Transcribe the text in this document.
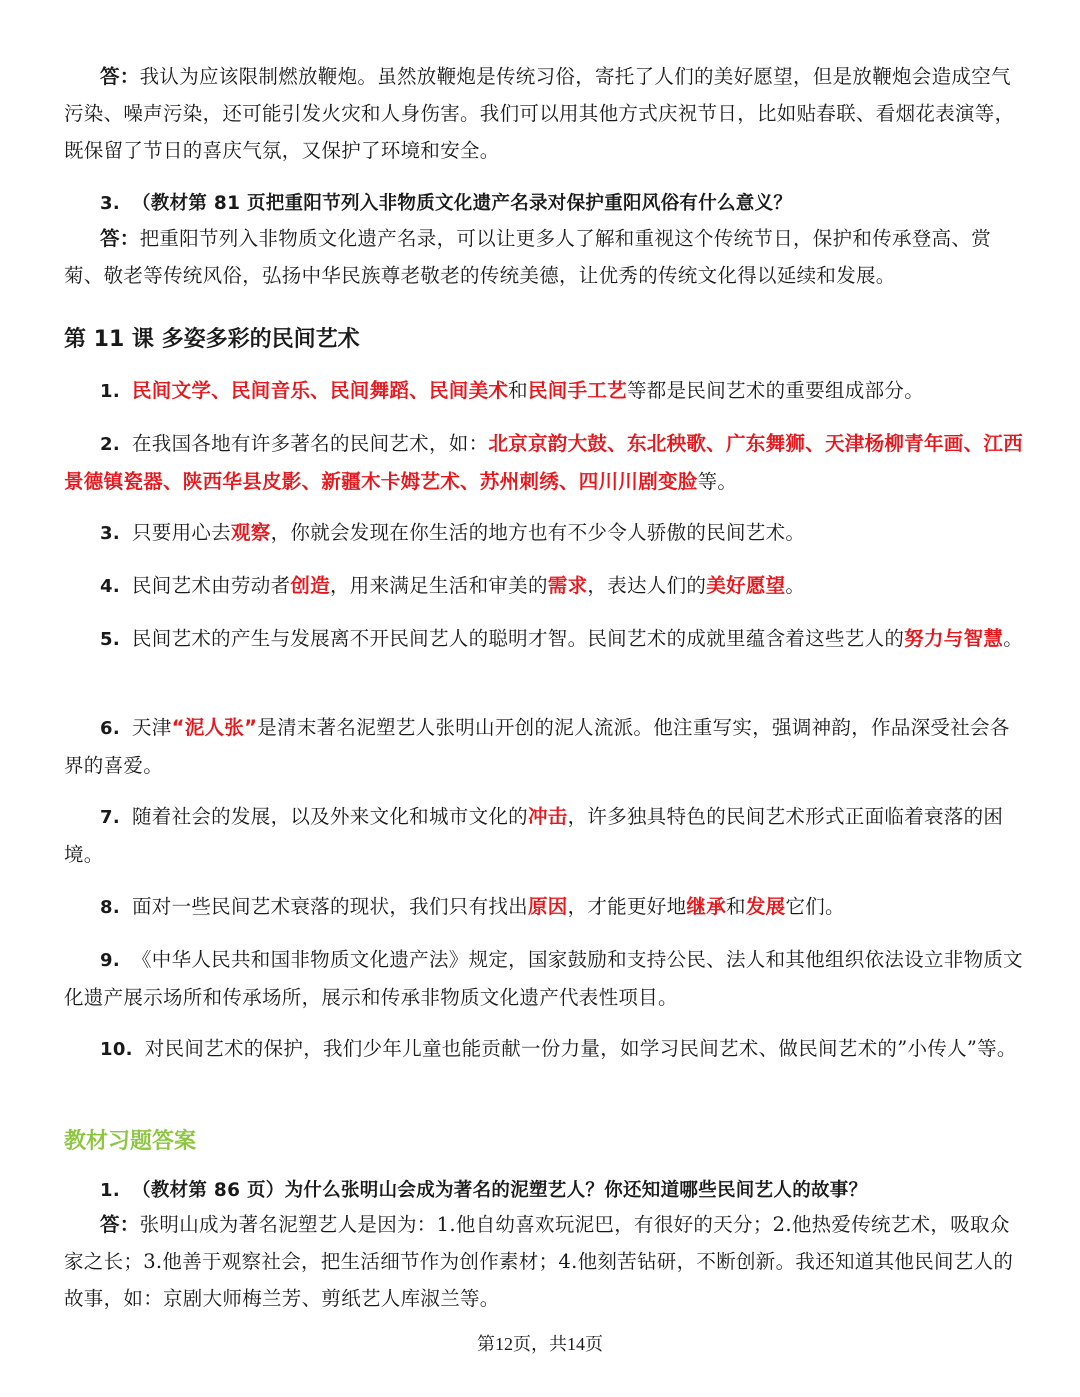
答：我认为应该限制燃放鞭炮。虽然放鞭炮是传统习俗，寄托了人们的美好愿望，但是放鞭炮会造成空气污染、噪声污染，还可能引发火灾和人身伤害。我们可以用其他方式庆祝节日，比如贴春联、看烟花表演等，既保留了节日的喜庆气氛，又保护了环境和安全。

3. （教材第 81 页把重阳节列入非物质文化遗产名录对保护重阳风俗有什么意义？

答：把重阳节列入非物质文化遗产名录，可以让更多人了解和重视这个传统节日，保护和传承登高、赏菊、敬老等传统风俗，弘扬中华民族尊老敬老的传统美德，让优秀的传统文化得以延续和发展。

第 11 课 多姿多彩的民间艺术

1. 民间文学、民间音乐、民间舞蹈、民间美术和民间手工艺等都是民间艺术的重要组成部分。

2. 在我国各地有许多著名的民间艺术，如：北京京韵大鼓、东北秧歌、广东舞狮、天津杨柳青年画、江西景德镇瓷器、陕西华县皮影、新疆木卡姆艺术、苏州刺绣、四川川剧变脸等。

3. 只要用心去观察，你就会发现在你生活的地方也有不少令人骄傲的民间艺术。

4. 民间艺术由劳动者创造，用来满足生活和审美的需求，表达人们的美好愿望。

5. 民间艺术的产生与发展离不开民间艺人的聪明才智。民间艺术的成就里蕴含着这些艺人的努力与智慧。

6. 天津“泥人张”是清末著名泥塑艺人张明山开创的泥人流派。他注重写实，强调神韵，作品深受社会各界的喜爱。

7. 随着社会的发展，以及外来文化和城市文化的冲击，许多独具特色的民间艺术形式正面临着衰落的困境。

8. 面对一些民间艺术衰落的现状，我们只有找出原因，才能更好地继承和发展它们。

9. 《中华人民共和国非物质文化遗产法》规定，国家鼓励和支持公民、法人和其他组织依法设立非物质文化遗产展示场所和传承场所，展示和传承非物质文化遗产代表性项目。

10. 对民间艺术的保护，我们少年儿童也能贡献一份力量，如学习民间艺术、做民间艺术的”小传人”等。

教材习题答案

1. （教材第 86 页）为什么张明山会成为著名的泥塑艺人？你还知道哪些民间艺人的故事？

答：张明山成为著名泥塑艺人是因为：1.他自幼喜欢玩泥巴，有很好的天分；2.他热爱传统艺术，吸取众家之长；3.他善于观察社会，把生活细节作为创作素材；4.他刻苦钻研，不断创新。我还知道其他民间艺人的故事，如：京剧大师梅兰芳、剪纸艺人库淑兰等。

第12页，共14页
